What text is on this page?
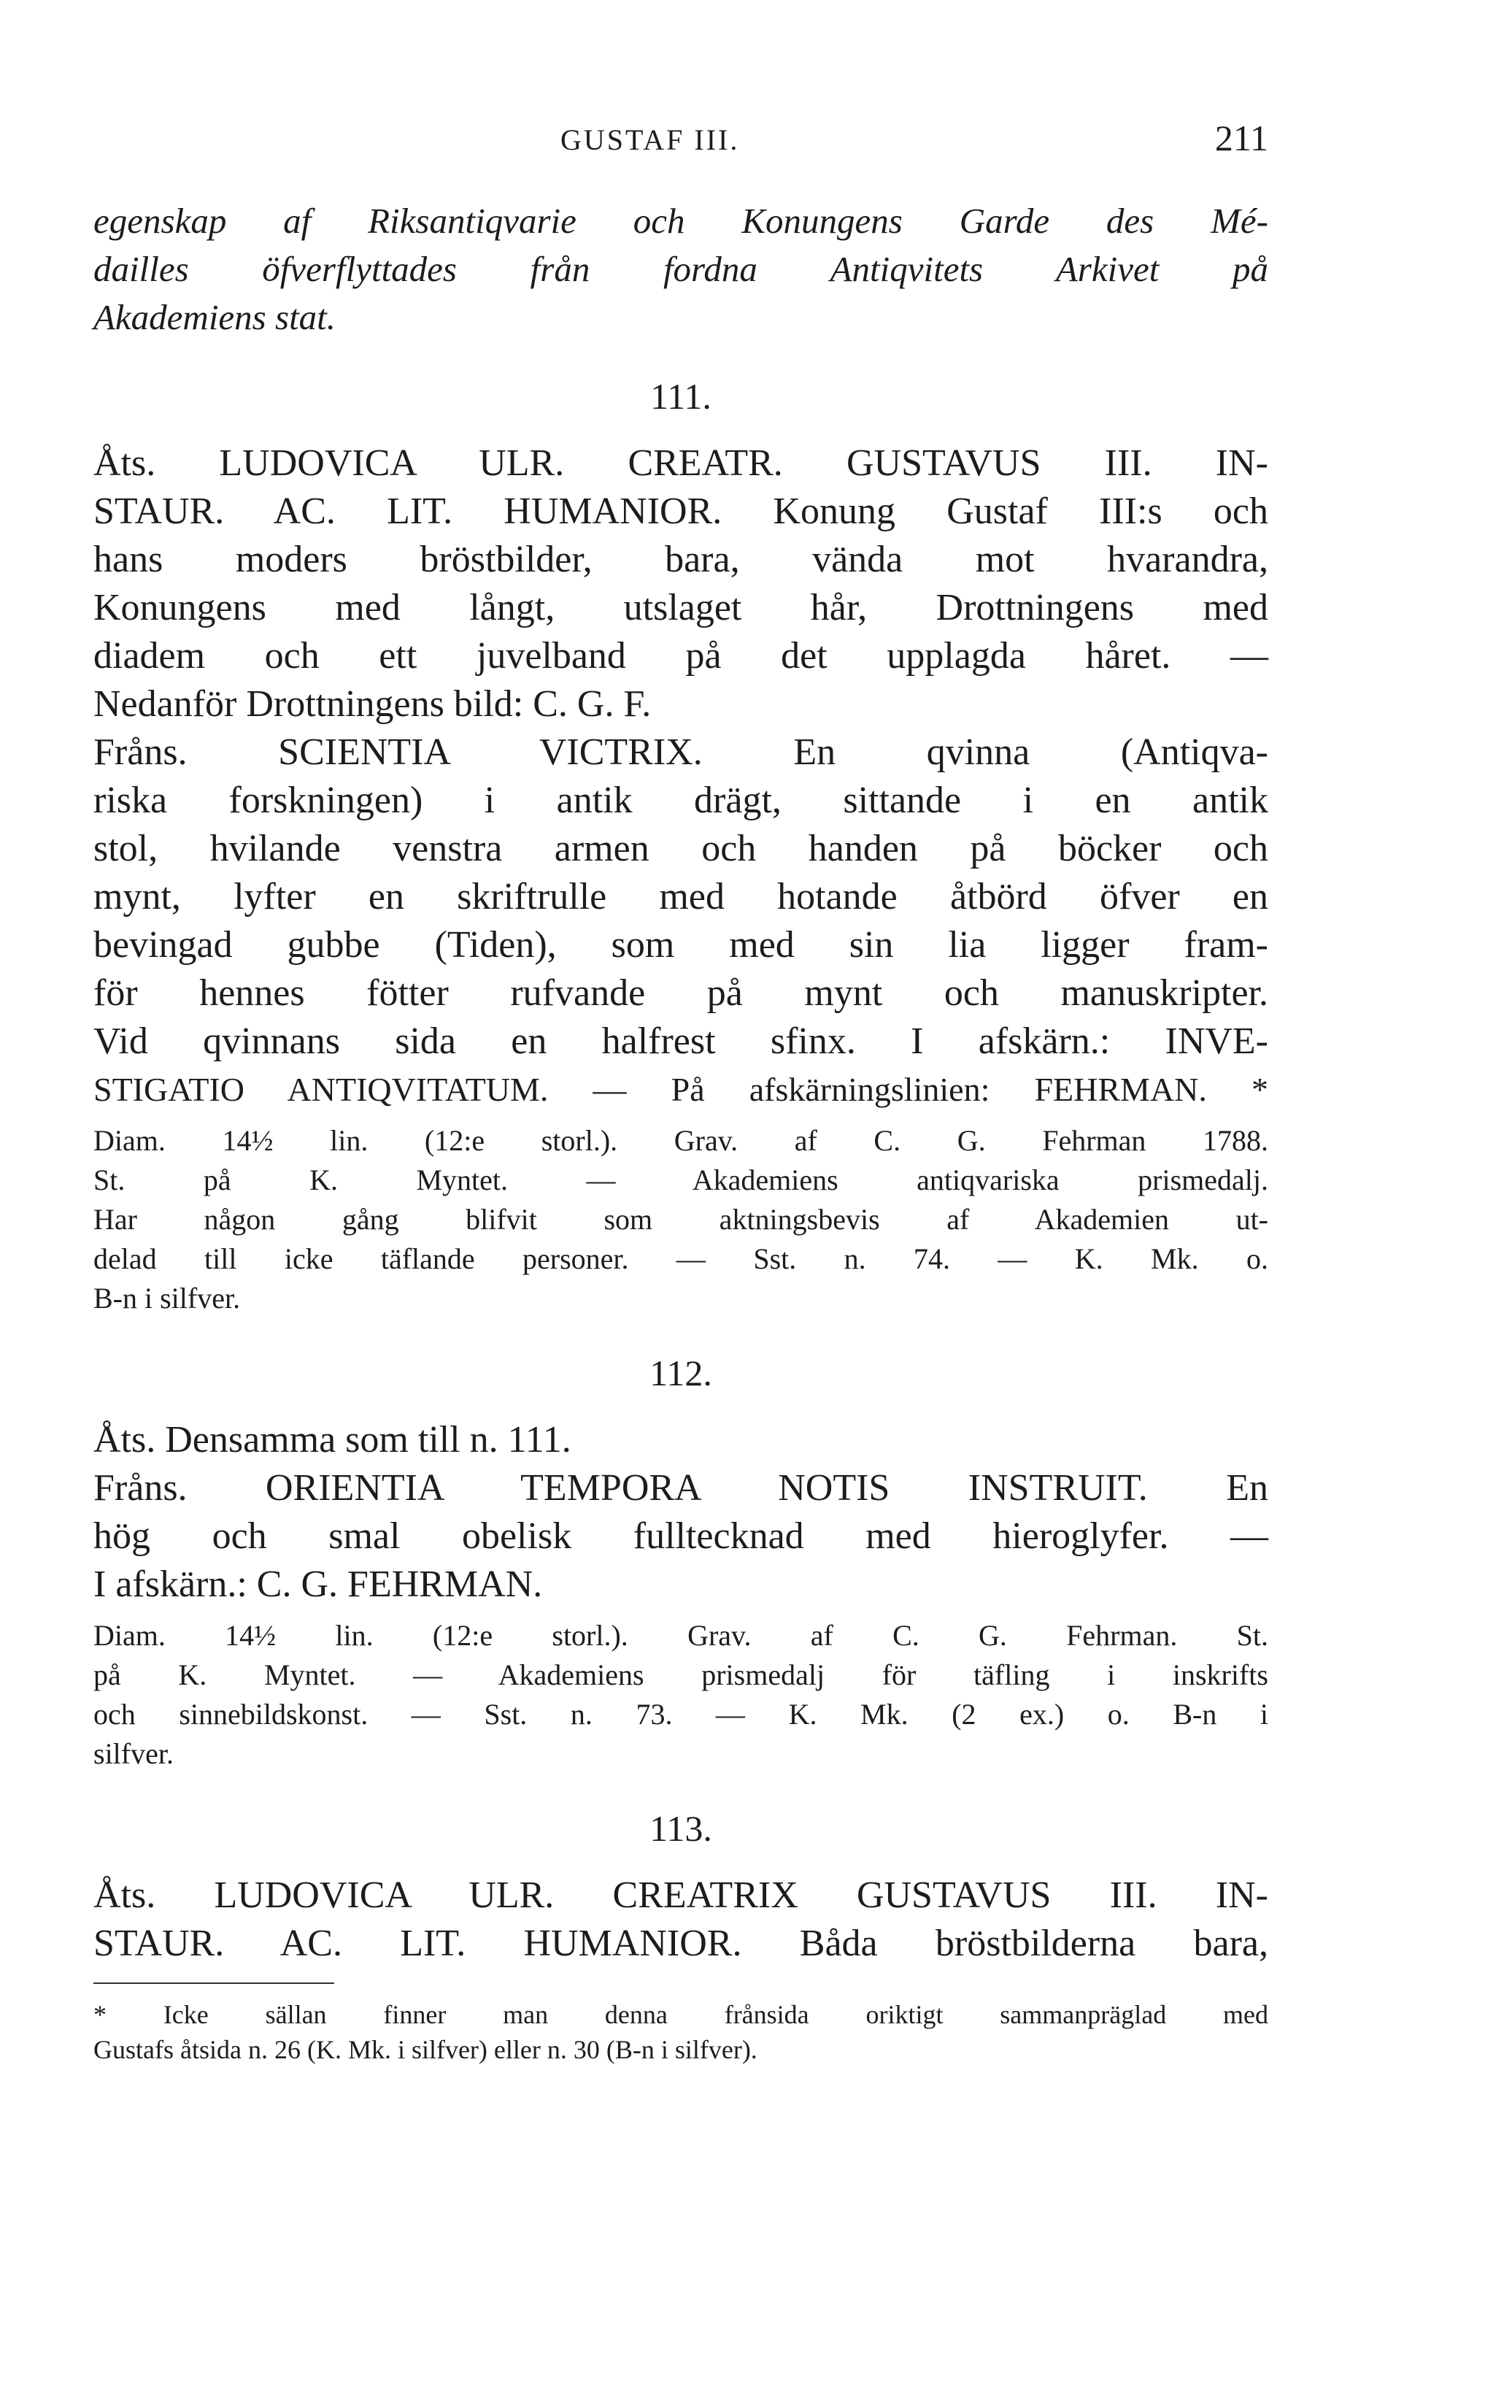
GUSTAF III.	211
egenskap af Riksantiqvarie och Konungens Garde des Mé-
dailles öfverflyttades från fordna Antiqvitets Arkivet på
Akademiens stat.
111.
Åts. LUDOVICA ULR. CREATR. GUSTAVUS III. IN-
STAUR. AC. LIT. HUMANIOR. Konung Gustaf III:s och
hans moders bröstbilder, bara, vända mot hvarandra,
Konungens med långt, utslaget hår, Drottningens med
diadem och ett juvelband på det upplagda håret. —
Nedanför Drottningens bild: C. G. F.
Fråns. SCIENTIA VICTRIX. En qvinna (Antiqva-
riska forskningen) i antik drägt, sittande i en antik
stol, hvilande venstra armen och handen på böcker och
mynt, lyfter en skriftrulle med hotande åtbörd öfver en
bevingad gubbe (Tiden), som med sin lia ligger fram-
för hennes fötter rufvande på mynt och manuskripter.
Vid qvinnans sida en halfrest sfinx. I afskärn.: INVE-
STIGATIO ANTIQVITATUM. — På afskärningslinien: FEHRMAN. *
Diam. 14½ lin. (12:e storl.). Grav. af C. G. Fehrman 1788.
St. på K. Myntet. — Akademiens antiqvariska prismedalj.
Har någon gång blifvit som aktningsbevis af Akademien ut-
delad till icke täflande personer. — Sst. n. 74. — K. Mk. o.
B-n i silfver.
112.
Åts. Densamma som till n. 111.
Fråns. ORIENTIA TEMPORA NOTIS INSTRUIT. En
hög och smal obelisk fulltecknad med hieroglyfer. —
I afskärn.: C. G. FEHRMAN.
Diam. 14½ lin. (12:e storl.). Grav. af C. G. Fehrman. St.
på K. Myntet. — Akademiens prismedalj för täfling i inskrifts
och sinnebildskonst. — Sst. n. 73. — K. Mk. (2 ex.) o. B-n i
silfver.
113.
Åts. LUDOVICA ULR. CREATRIX GUSTAVUS III. IN-
STAUR. AC. LIT. HUMANIOR. Båda bröstbilderna bara,
* Icke sällan finner man denna frånsida oriktigt sammanpräglad med
Gustafs åtsida n. 26 (K. Mk. i silfver) eller n. 30 (B-n i silfver).
